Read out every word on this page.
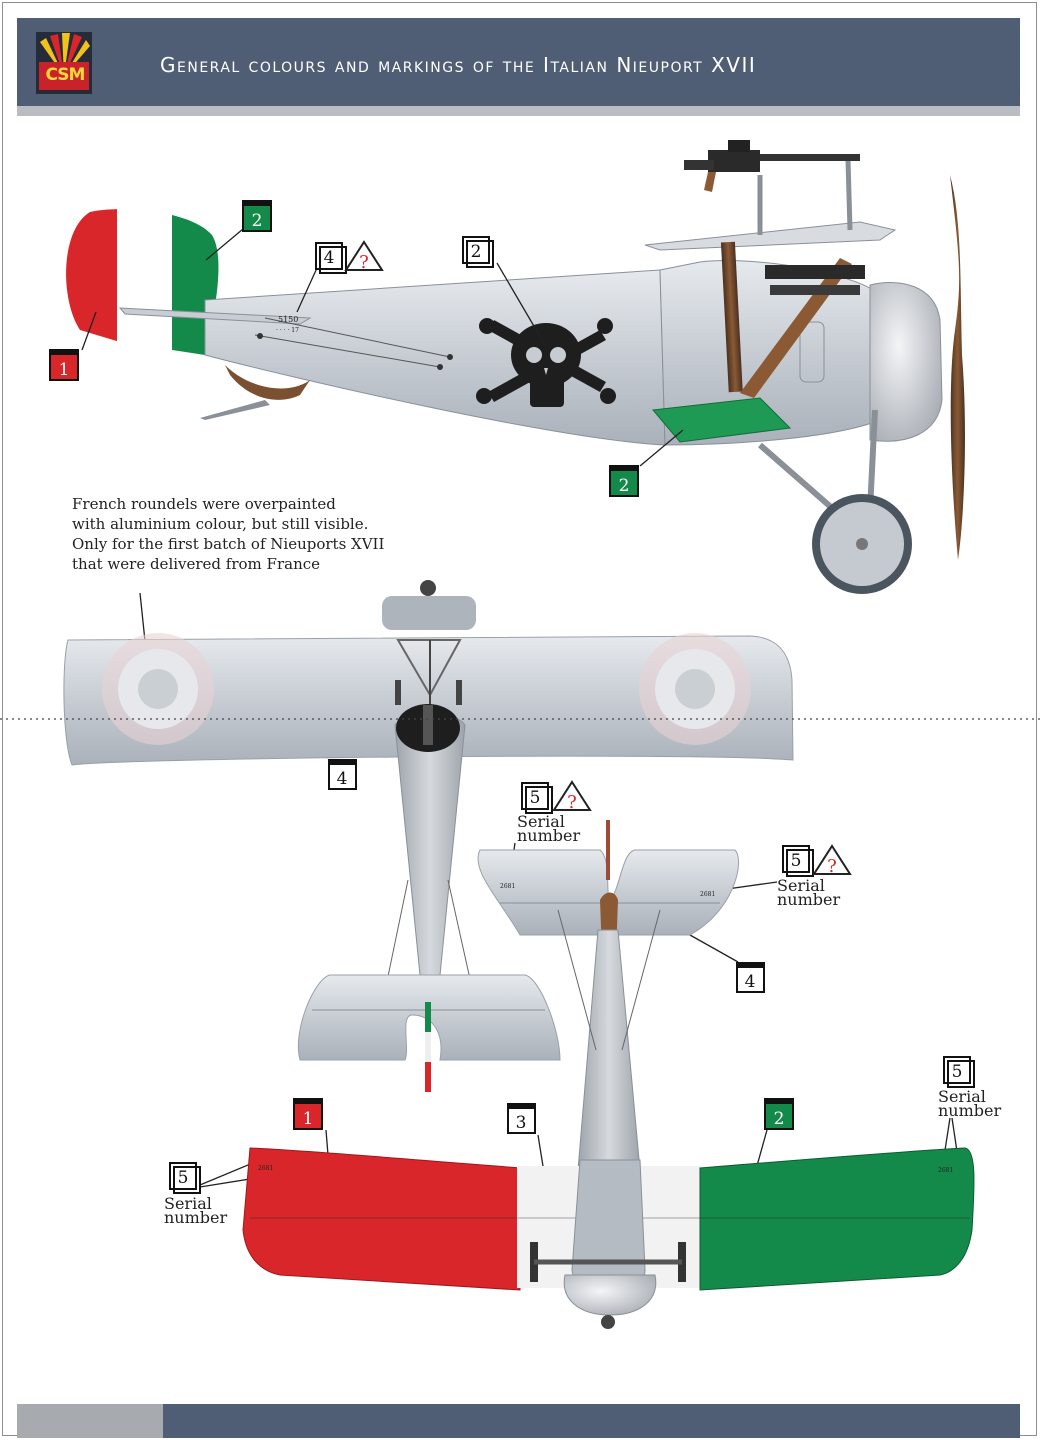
CSM	General colours and markings of the Italian Nieuport XVII
5150
· · · · 17
2681
2681
2681	2681
1
2
4 ?	2
2
4
5 ?
5 ?
4
1	3	2
5
5
French roundels were overpainted
with aluminium colour, but still visible.
Only for the first batch of Nieuports XVII
that were delivered from France
Serial
number
Serial
number
Serial
number
Serial
number
